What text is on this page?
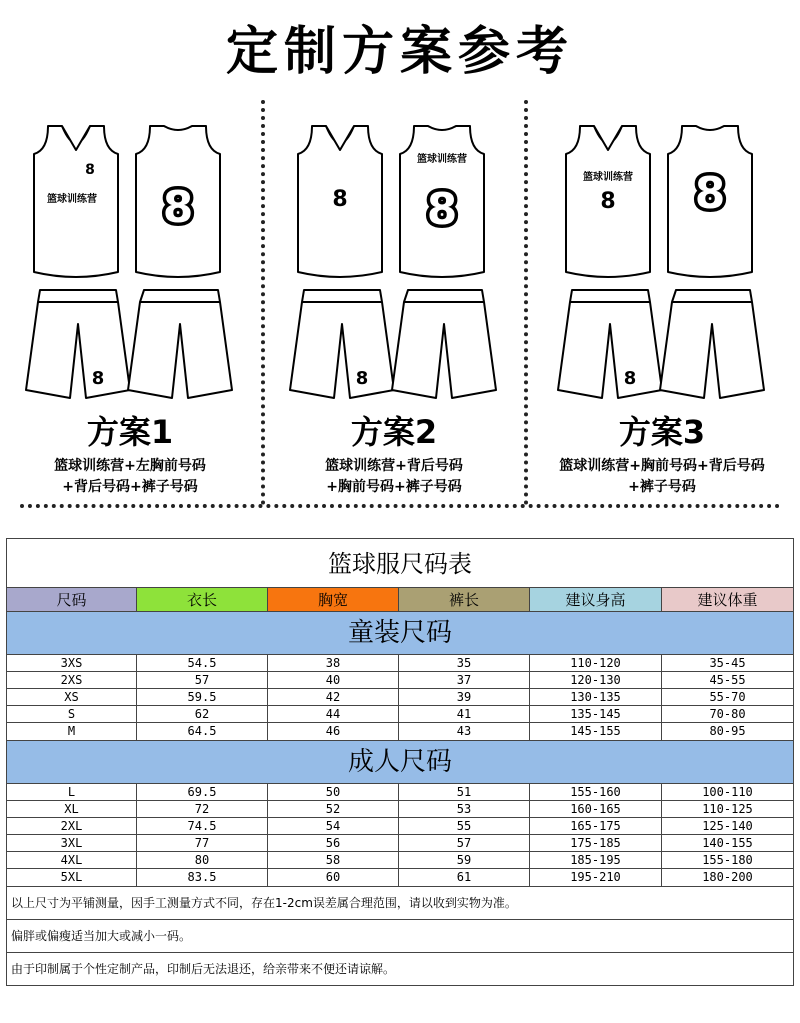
定制方案参考
8
篮球训练营 8
8
方案1
篮球训练营+左胸前号码
+背后号码+裤子号码
8
篮球训练营
8
8
方案2
篮球训练营+背后号码
+胸前号码+裤子号码
篮球训练营
8 8
8
方案3
篮球训练营+胸前号码+背后号码
+裤子号码
篮球服尺码表
尺码	衣长	胸宽	裤长	建议身高	建议体重
童装尺码
3XS	54.5	38	35	110-120	35-45
2XS	57	40	37	120-130	45-55
XS	59.5	42	39	130-135	55-70
S	62	44	41	135-145	70-80
M	64.5	46	43	145-155	80-95
成人尺码
L	69.5	50	51	155-160	100-110
XL	72	52	53	160-165	110-125
2XL	74.5	54	55	165-175	125-140
3XL	77	56	57	175-185	140-155
4XL	80	58	59	185-195	155-180
5XL	83.5	60	61	195-210	180-200
以上尺寸为平铺测量，因手工测量方式不同，存在1-2cm误差属合理范围，请以收到实物为准。
偏胖或偏瘦适当加大或减小一码。
由于印制属于个性定制产品，印制后无法退还，给亲带来不便还请谅解。
